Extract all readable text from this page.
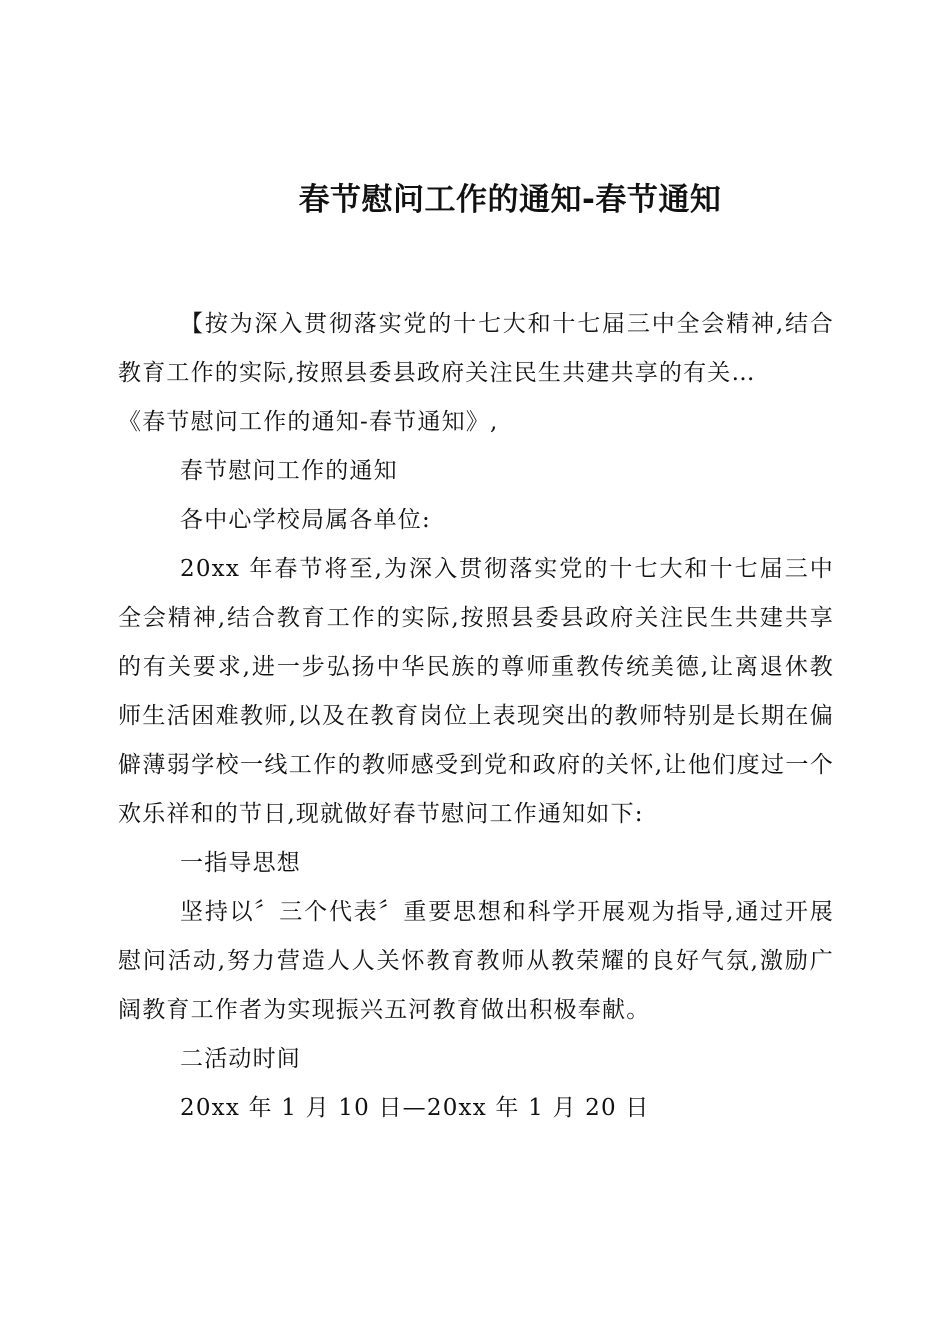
春节慰问工作的通知-春节通知

【按为深入贯彻落实党的十七大和十七届三中全会精神,结合教育工作的实际,按照县委县政府关注民生共建共享的有关…

《春节慰问工作的通知-春节通知》,

春节慰问工作的通知

各中心学校局属各单位:

20xx 年春节将至,为深入贯彻落实党的十七大和十七届三中全会精神,结合教育工作的实际,按照县委县政府关注民生共建共享的有关要求,进一步弘扬中华民族的尊师重教传统美德,让离退休教师生活困难教师,以及在教育岗位上表现突出的教师特别是长期在偏僻薄弱学校一线工作的教师感受到党和政府的关怀,让他们度过一个欢乐祥和的节日,现就做好春节慰问工作通知如下:

一指导思想

坚持以〞三个代表〞重要思想和科学开展观为指导,通过开展慰问活动,努力营造人人关怀教育教师从教荣耀的良好气氛,激励广阔教育工作者为实现振兴五河教育做出积极奉献。

二活动时间

20xx 年 1 月 10 日—20xx 年 1 月 20 日
